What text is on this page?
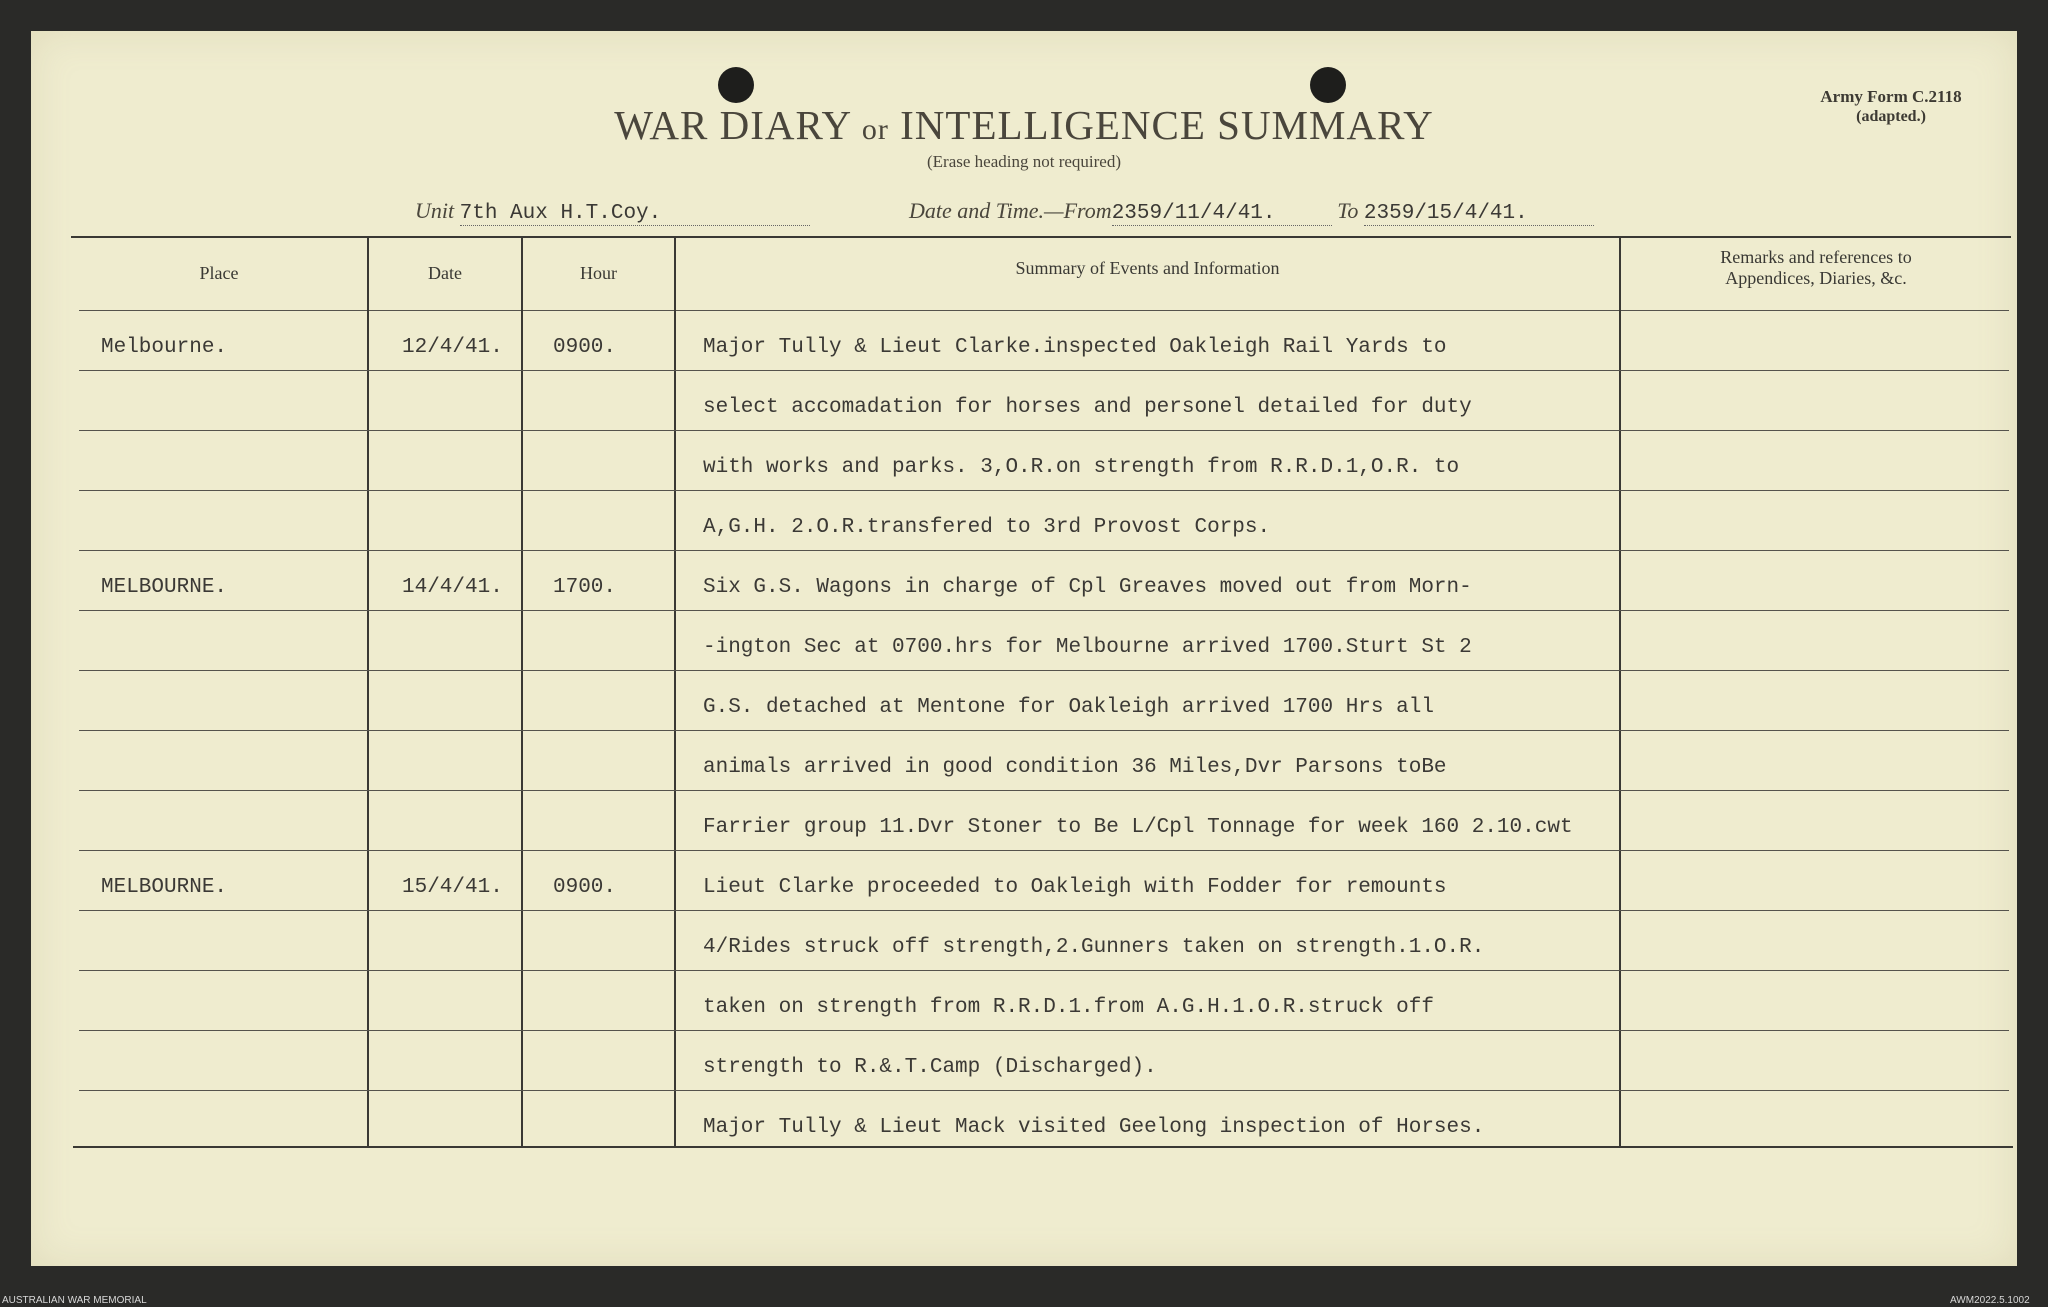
WAR DIARY or INTELLIGENCE SUMMARY
(Erase heading not required)
Army Form C.2118
(adapted.)
Unit 7th Aux H.T.Coy.	Date and Time.—From2359/11/4/41.	To 2359/15/4/41.
Place	Date	Hour	Summary of Events and Information
Remarks and references to
Appendices, Diaries, &c.
Melbourne.	12/4/41. 0900.	Major Tully & Lieut Clarke.inspected Oakleigh Rail Yards to
select accomadation for horses and personel detailed for duty
with works and parks. 3,O.R.on strength from R.R.D.1,O.R. to
A,G.H. 2.O.R.transfered to 3rd Provost Corps.
MELBOURNE.	14/4/41. 1700.	Six G.S. Wagons in charge of Cpl Greaves moved out from Morn-
-ington Sec at 0700.hrs for Melbourne arrived 1700.Sturt St 2
G.S. detached at Mentone for Oakleigh arrived 1700 Hrs all
animals arrived in good condition 36 Miles,Dvr Parsons toBe
Farrier group 11.Dvr Stoner to Be L/Cpl Tonnage for week 160 2.10.cwt
MELBOURNE.	15/4/41. 0900.	Lieut Clarke proceeded to Oakleigh with Fodder for remounts
4/Rides struck off strength,2.Gunners taken on strength.1.O.R.
taken on strength from R.R.D.1.from A.G.H.1.O.R.struck off
strength to R.&.T.Camp (Discharged).
Major Tully & Lieut Mack visited Geelong inspection of Horses.
AUSTRALIAN WAR MEMORIAL	AWM2022.5.1002
